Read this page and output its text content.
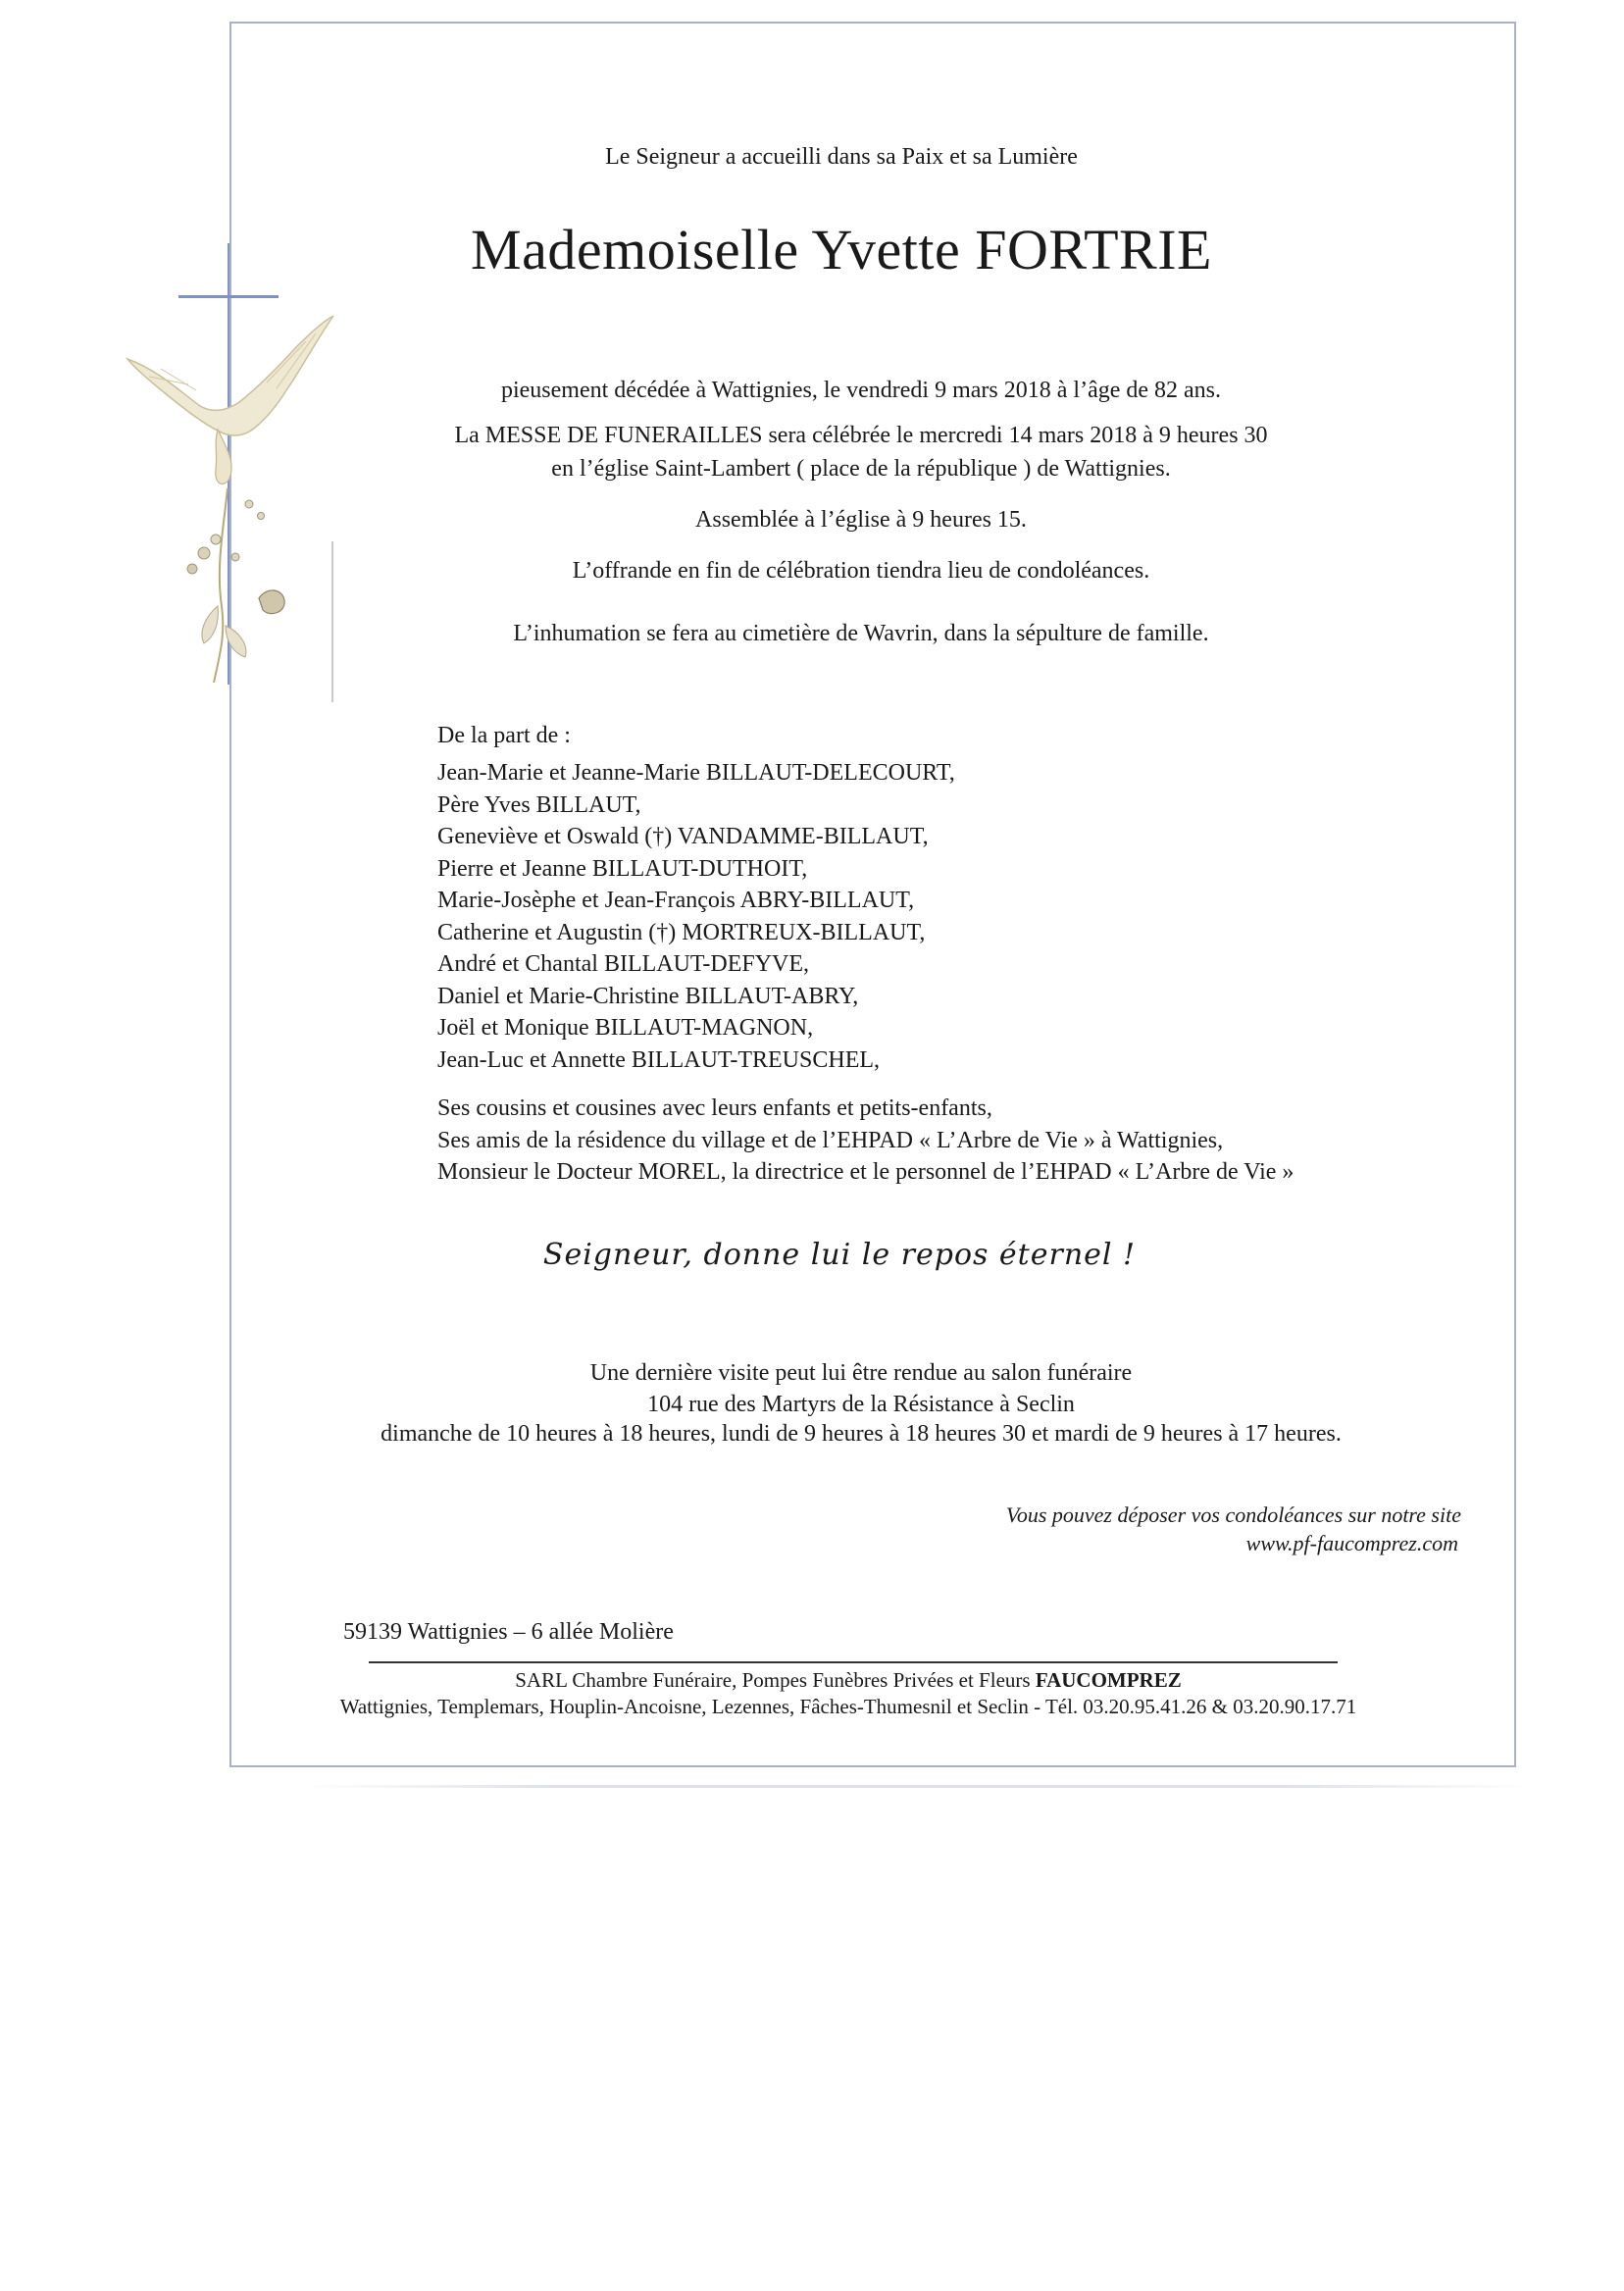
Le Seigneur a accueilli dans sa Paix et sa Lumière
Mademoiselle Yvette FORTRIE
pieusement décédée à Wattignies, le vendredi 9 mars 2018 à l’âge de 82 ans.
La MESSE DE FUNERAILLES sera célébrée le mercredi 14 mars 2018 à 9 heures 30
en l’église Saint-Lambert ( place de la république ) de Wattignies.
Assemblée à l’église à 9 heures 15.
L’offrande en fin de célébration tiendra lieu de condoléances.
L’inhumation se fera au cimetière de Wavrin, dans la sépulture de famille.
De la part de :
Jean-Marie et Jeanne-Marie BILLAUT-DELECOURT,
Père Yves BILLAUT,
Geneviève et Oswald (†) VANDAMME-BILLAUT,
Pierre et Jeanne BILLAUT-DUTHOIT,
Marie-Josèphe et Jean-François ABRY-BILLAUT,
Catherine et Augustin (†) MORTREUX-BILLAUT,
André et Chantal BILLAUT-DEFYVE,
Daniel et Marie-Christine BILLAUT-ABRY,
Joël et Monique BILLAUT-MAGNON,
Jean-Luc et Annette BILLAUT-TREUSCHEL,
Ses cousins et cousines avec leurs enfants et petits-enfants,
Ses amis de la résidence du village et de l’EHPAD « L’Arbre de Vie » à Wattignies,
Monsieur le Docteur MOREL, la directrice et le personnel de l’EHPAD « L’Arbre de Vie »
Seigneur, donne lui le repos éternel !
Une dernière visite peut lui être rendue au salon funéraire
104 rue des Martyrs de la Résistance à Seclin
dimanche de 10 heures à 18 heures, lundi de 9 heures à 18 heures 30 et mardi de 9 heures à 17 heures.
Vous pouvez déposer vos condoléances sur notre site
www.pf-faucomprez.com
59139 Wattignies – 6 allée Molière
SARL Chambre Funéraire, Pompes Funèbres Privées et Fleurs FAUCOMPREZ
Wattignies, Templemars, Houplin-Ancoisne, Lezennes, Fâches-Thumesnil et Seclin - Tél. 03.20.95.41.26 & 03.20.90.17.71
